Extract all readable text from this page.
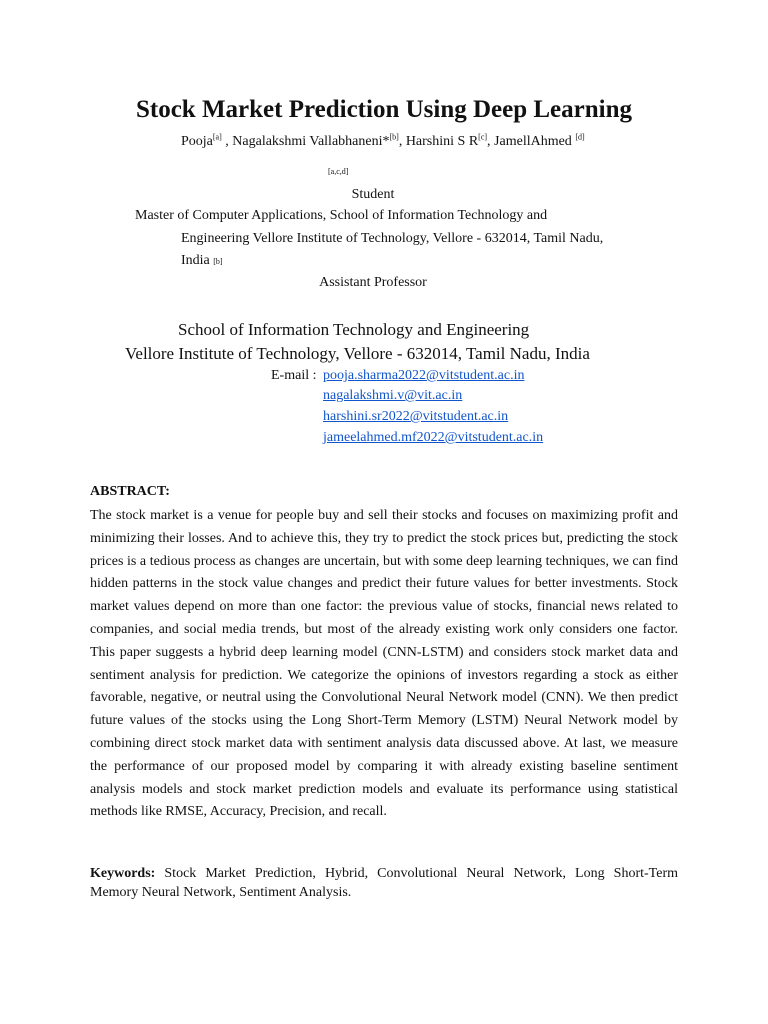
Stock Market Prediction Using Deep Learning
Pooja[a] , Nagalakshmi Vallabhaneni*[b], Harshini S R[c], JamellAhmed [d]
[a,c,d]
Student
Master of Computer Applications, School of Information Technology and
Engineering Vellore Institute of Technology, Vellore - 632014, Tamil Nadu,
India [b]
Assistant Professor
School of Information Technology and Engineering
Vellore Institute of Technology, Vellore - 632014, Tamil Nadu, India
E-mail : pooja.sharma2022@vitstudent.ac.in
nagalakshmi.v@vit.ac.in
harshini.sr2022@vitstudent.ac.in
jameelahmed.mf2022@vitstudent.ac.in
ABSTRACT:
The stock market is a venue for people buy and sell their stocks and focuses on maximizing profit and minimizing their losses. And to achieve this, they try to predict the stock prices but, predicting the stock prices is a tedious process as changes are uncertain, but with some deep learning techniques, we can find hidden patterns in the stock value changes and predict their future values for better investments. Stock market values depend on more than one factor: the previous value of stocks, financial news related to companies, and social media trends, but most of the already existing work only considers one factor. This paper suggests a hybrid deep learning model (CNN-LSTM) and considers stock market data and sentiment analysis for prediction. We categorize the opinions of investors regarding a stock as either favorable, negative, or neutral using the Convolutional Neural Network model (CNN). We then predict future values of the stocks using the Long Short-Term Memory (LSTM) Neural Network model by combining direct stock market data with sentiment analysis data discussed above. At last, we measure the performance of our proposed model by comparing it with already existing baseline sentiment analysis models and stock market prediction models and evaluate its performance using statistical methods like RMSE, Accuracy, Precision, and recall.
Keywords: Stock Market Prediction, Hybrid, Convolutional Neural Network, Long Short-Term Memory Neural Network, Sentiment Analysis.
